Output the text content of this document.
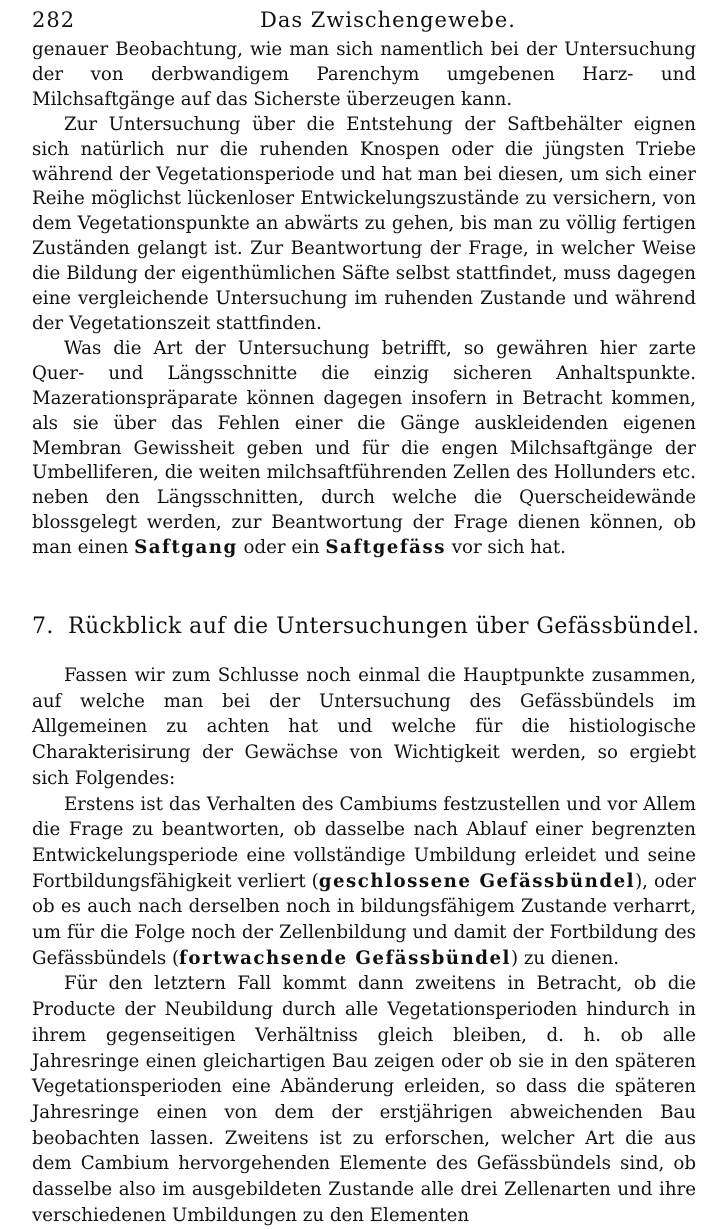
282	Das Zwischengewebe.

genauer Beobachtung, wie man sich namentlich bei der Untersuchung der von derbwandigem Parenchym umgebenen Harz- und Milchsaftgänge auf das Sicherste überzeugen kann.

Zur Untersuchung über die Entstehung der Saftbehälter eignen sich natürlich nur die ruhenden Knospen oder die jüngsten Triebe während der Vegetationsperiode und hat man bei diesen, um sich einer Reihe möglichst lückenloser Entwickelungszustände zu versichern, von dem Vegetationspunkte an abwärts zu gehen, bis man zu völlig fertigen Zuständen gelangt ist. Zur Beantwortung der Frage, in welcher Weise die Bildung der eigenthümlichen Säfte selbst stattfindet, muss dagegen eine vergleichende Untersuchung im ruhenden Zustande und während der Vegetationszeit stattfinden.

Was die Art der Untersuchung betrifft, so gewähren hier zarte Quer- und Längsschnitte die einzig sicheren Anhaltspunkte. Mazerationspräparate können dagegen insofern in Betracht kommen, als sie über das Fehlen einer die Gänge auskleidenden eigenen Membran Gewissheit geben und für die engen Milchsaftgänge der Umbelliferen, die weiten milchsaftführenden Zellen des Hollunders etc. neben den Längsschnitten, durch welche die Querscheidewände blossgelegt werden, zur Beantwortung der Frage dienen können, ob man einen Saftgang oder ein Saftgefäss vor sich hat.

7. Rückblick auf die Untersuchungen über Gefässbündel.

Fassen wir zum Schlusse noch einmal die Hauptpunkte zusammen, auf welche man bei der Untersuchung des Gefässbündels im Allgemeinen zu achten hat und welche für die histiologische Charakterisirung der Gewächse von Wichtigkeit werden, so ergiebt sich Folgendes:

Erstens ist das Verhalten des Cambiums festzustellen und vor Allem die Frage zu beantworten, ob dasselbe nach Ablauf einer begrenzten Entwickelungsperiode eine vollständige Umbildung erleidet und seine Fortbildungsfähigkeit verliert (geschlossene Gefässbündel), oder ob es auch nach derselben noch in bildungsfähigem Zustande verharrt, um für die Folge noch der Zellenbildung und damit der Fortbildung des Gefässbündels (fortwachsende Gefässbündel) zu dienen.

Für den letztern Fall kommt dann zweitens in Betracht, ob die Producte der Neubildung durch alle Vegetationsperioden hindurch in ihrem gegenseitigen Verhältniss gleich bleiben, d. h. ob alle Jahresringe einen gleichartigen Bau zeigen oder ob sie in den späteren Vegetationsperioden eine Abänderung erleiden, so dass die späteren Jahresringe einen von dem der erstjährigen abweichenden Bau beobachten lassen. Zweitens ist zu erforschen, welcher Art die aus dem Cambium hervorgehenden Elemente des Gefässbündels sind, ob dasselbe also im ausgebildeten Zustande alle drei Zellenarten und ihre verschiedenen Umbildungen zu den Elementen
